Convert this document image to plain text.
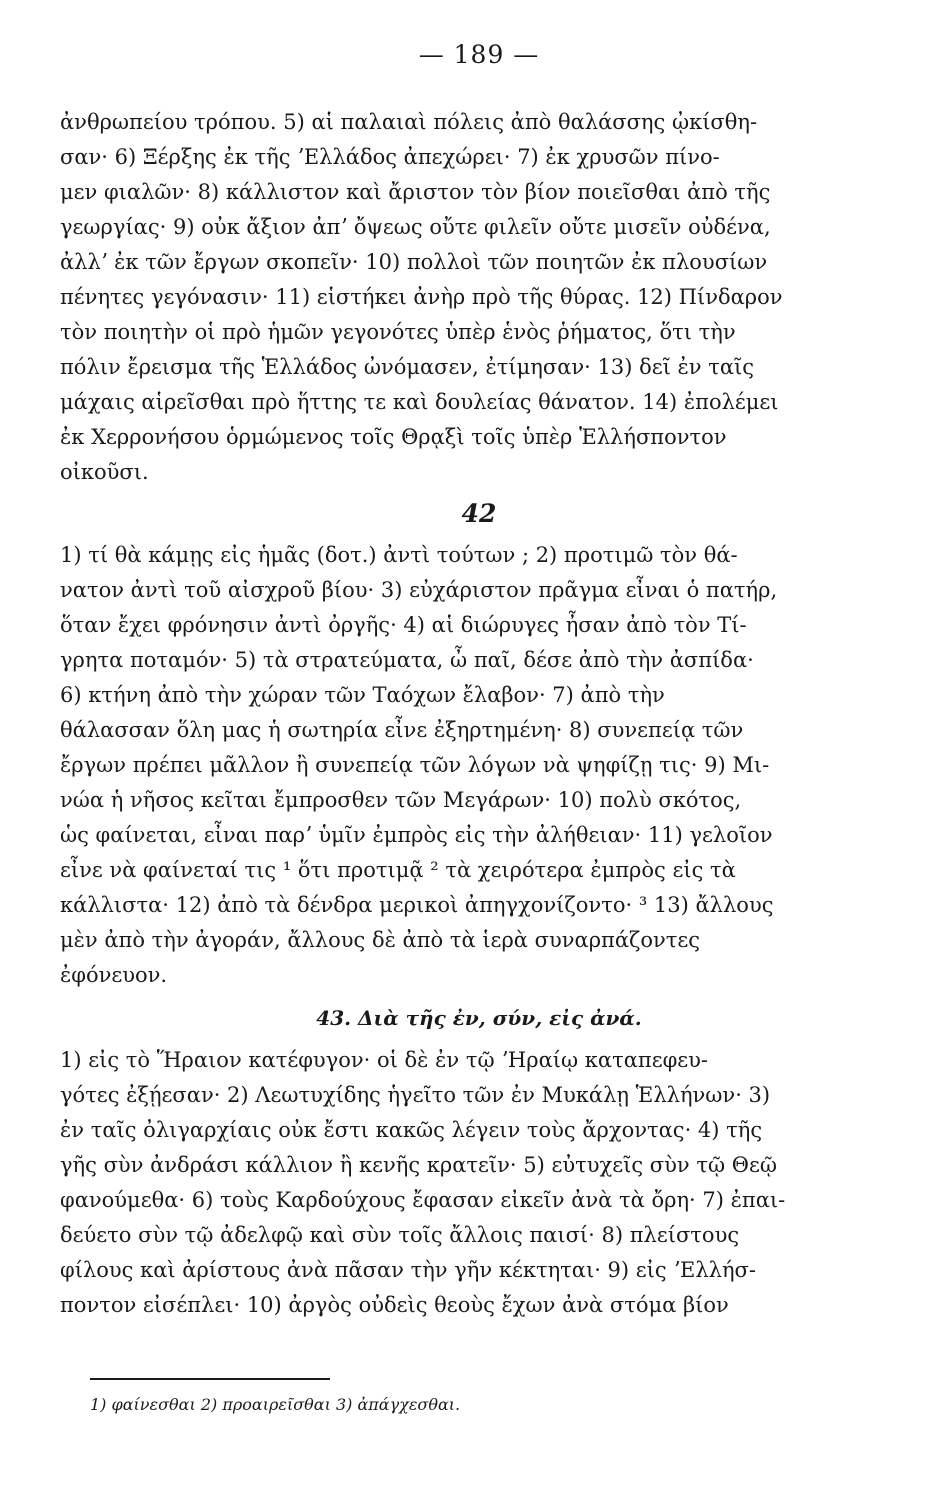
— 189 —
ἀνθρωπείου τρόπου. 5) αἱ παλαιαὶ πόλεις ἀπὸ θαλάσσης ᾠκίσθη-
σαν· 6) Ξέρξης ἐκ τῆς ʼΕλλάδος ἀπεχώρει· 7) ἐκ χρυσῶν πίνο-
μεν φιαλῶν· 8) κάλλιστον καὶ ἄριστον τὸν βίον ποιεῖσθαι ἀπὸ τῆς
γεωργίας· 9) οὐκ ἄξιον ἀπʼ ὄψεως οὔτε φιλεῖν οὔτε μισεῖν οὐδένα,
ἀλλʼ ἐκ τῶν ἔργων σκοπεῖν· 10) πολλοὶ τῶν ποιητῶν ἐκ πλουσίων
πένητες γεγόνασιν· 11) εἱστήκει ἀνὴρ πρὸ τῆς θύρας. 12) Πίνδαρον
τὸν ποιητὴν οἱ πρὸ ἡμῶν γεγονότες ὑπὲρ ἑνὸς ῥήματος, ὅτι τὴν
πόλιν ἔρεισμα τῆς Ἑλλάδος ὠνόμασεν, ἐτίμησαν· 13) δεῖ ἐν ταῖς
μάχαις αἱρεῖσθαι πρὸ ἥττης τε καὶ δουλείας θάνατον. 14) ἐπολέμει
ἐκ Χερρονήσου ὁρμώμενος τοῖς Θρᾳξὶ τοῖς ὑπὲρ Ἑλλήσποντον
οἰκοῦσι.
42
1) τί θὰ κάμῃς εἰς ἡμᾶς (δοτ.) ἀντὶ τούτων ; 2) προτιμῶ τὸν θά-
νατον ἀντὶ τοῦ αἰσχροῦ βίου· 3) εὐχάριστον πρᾶγμα εἶναι ὁ πατήρ,
ὅταν ἔχει φρόνησιν ἀντὶ ὀργῆς· 4) αἱ διώρυγες ἦσαν ἀπὸ τὸν Τί-
γρητα ποταμόν· 5) τὰ στρατεύματα, ὦ παῖ, δέσε ἀπὸ τὴν ἀσπίδα·
6) κτήνη ἀπὸ τὴν χώραν τῶν Ταόχων ἔλαβον· 7) ἀπὸ τὴν
θάλασσαν ὅλη μας ἡ σωτηρία εἶνε ἐξηρτημένη· 8) συνεπείᾳ τῶν
ἔργων πρέπει μᾶλλον ἢ συνεπείᾳ τῶν λόγων νὰ ψηφίζῃ τις· 9) Μι-
νώα ἡ νῆσος κεῖται ἔμπροσθεν τῶν Μεγάρων· 10) πολὺ σκότος,
ὡς φαίνεται, εἶναι παρʼ ὑμῖν ἐμπρὸς εἰς τὴν ἀλήθειαν· 11) γελοῖον
εἶνε νὰ φαίνεταί τις ¹ ὅτι προτιμᾷ ² τὰ χειρότερα ἐμπρὸς εἰς τὰ
κάλλιστα· 12) ἀπὸ τὰ δένδρα μερικοὶ ἀπηγχονίζοντο· ³ 13) ἄλλους
μὲν ἀπὸ τὴν ἀγοράν, ἄλλους δὲ ἀπὸ τὰ ἱερὰ συναρπάζοντες
ἐφόνευον.
43. Διὰ τῆς ἐν, σύν, εἰς ἀνά.
1) εἰς τὸ Ἥραιον κατέφυγον· οἱ δὲ ἐν τῷ ʼΗραίῳ καταπεφευ-
γότες ἐξῄεσαν· 2) Λεωτυχίδης ἡγεῖτο τῶν ἐν Μυκάλῃ Ἑλλήνων· 3)
ἐν ταῖς ὀλιγαρχίαις οὐκ ἔστι κακῶς λέγειν τοὺς ἄρχοντας· 4) τῆς
γῆς σὺν ἀνδράσι κάλλιον ἢ κενῆς κρατεῖν· 5) εὐτυχεῖς σὺν τῷ Θεῷ
φανούμεθα· 6) τοὺς Καρδούχους ἔφασαν εἰκεῖν ἀνὰ τὰ ὄρη· 7) ἐπαι-
δεύετο σὺν τῷ ἀδελφῷ καὶ σὺν τοῖς ἄλλοις παισί· 8) πλείστους
φίλους καὶ ἀρίστους ἀνὰ πᾶσαν τὴν γῆν κέκτηται· 9) εἰς ʼΕλλήσ-
ποντον εἰσέπλει· 10) ἀργὸς οὐδεὶς θεοὺς ἔχων ἀνὰ στόμα βίον
1) φαίνεσθαι 2) προαιρεῖσθαι 3) ἀπάγχεσθαι.
